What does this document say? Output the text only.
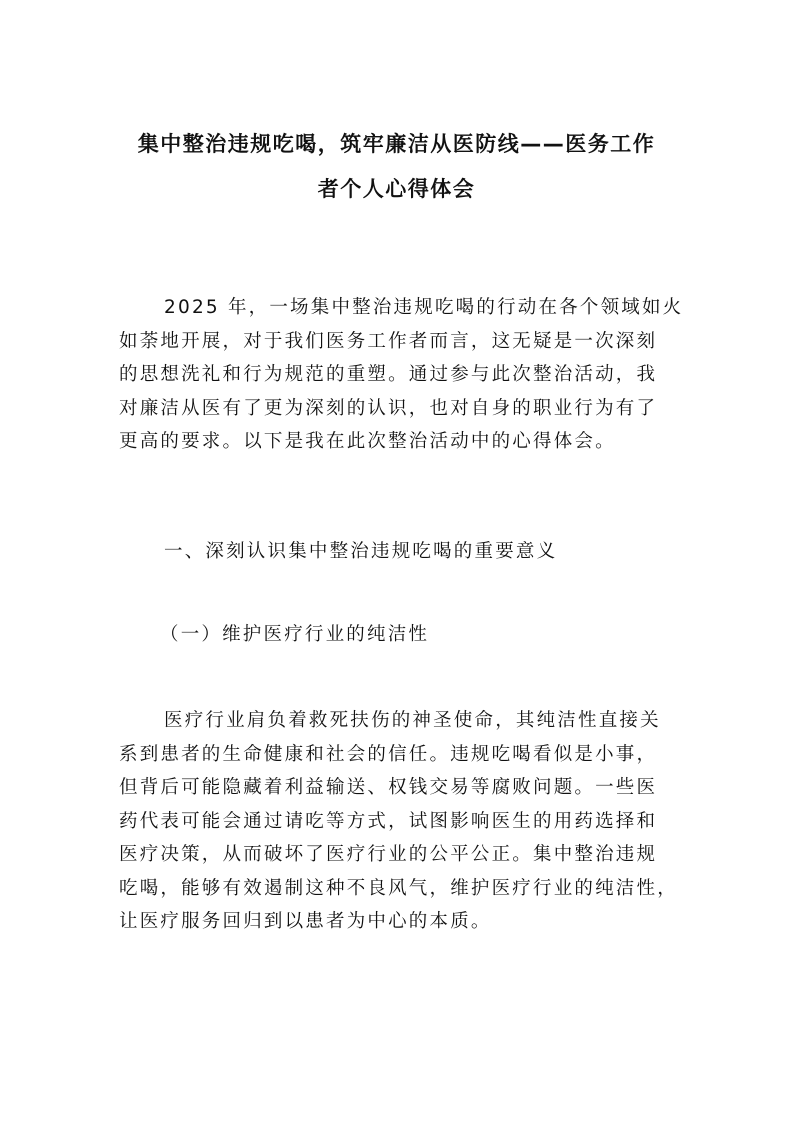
集中整治违规吃喝，筑牢廉洁从医防线——医务工作
者个人心得体会
2025 年，一场集中整治违规吃喝的行动在各个领域如火
如荼地开展，对于我们医务工作者而言，这无疑是一次深刻
的思想洗礼和行为规范的重塑。通过参与此次整治活动，我
对廉洁从医有了更为深刻的认识，也对自身的职业行为有了
更高的要求。以下是我在此次整治活动中的心得体会。
一、深刻认识集中整治违规吃喝的重要意义
（一）维护医疗行业的纯洁性
医疗行业肩负着救死扶伤的神圣使命，其纯洁性直接关
系到患者的生命健康和社会的信任。违规吃喝看似是小事，
但背后可能隐藏着利益输送、权钱交易等腐败问题。一些医
药代表可能会通过请吃等方式，试图影响医生的用药选择和
医疗决策，从而破坏了医疗行业的公平公正。集中整治违规
吃喝，能够有效遏制这种不良风气，维护医疗行业的纯洁性，
让医疗服务回归到以患者为中心的本质。
